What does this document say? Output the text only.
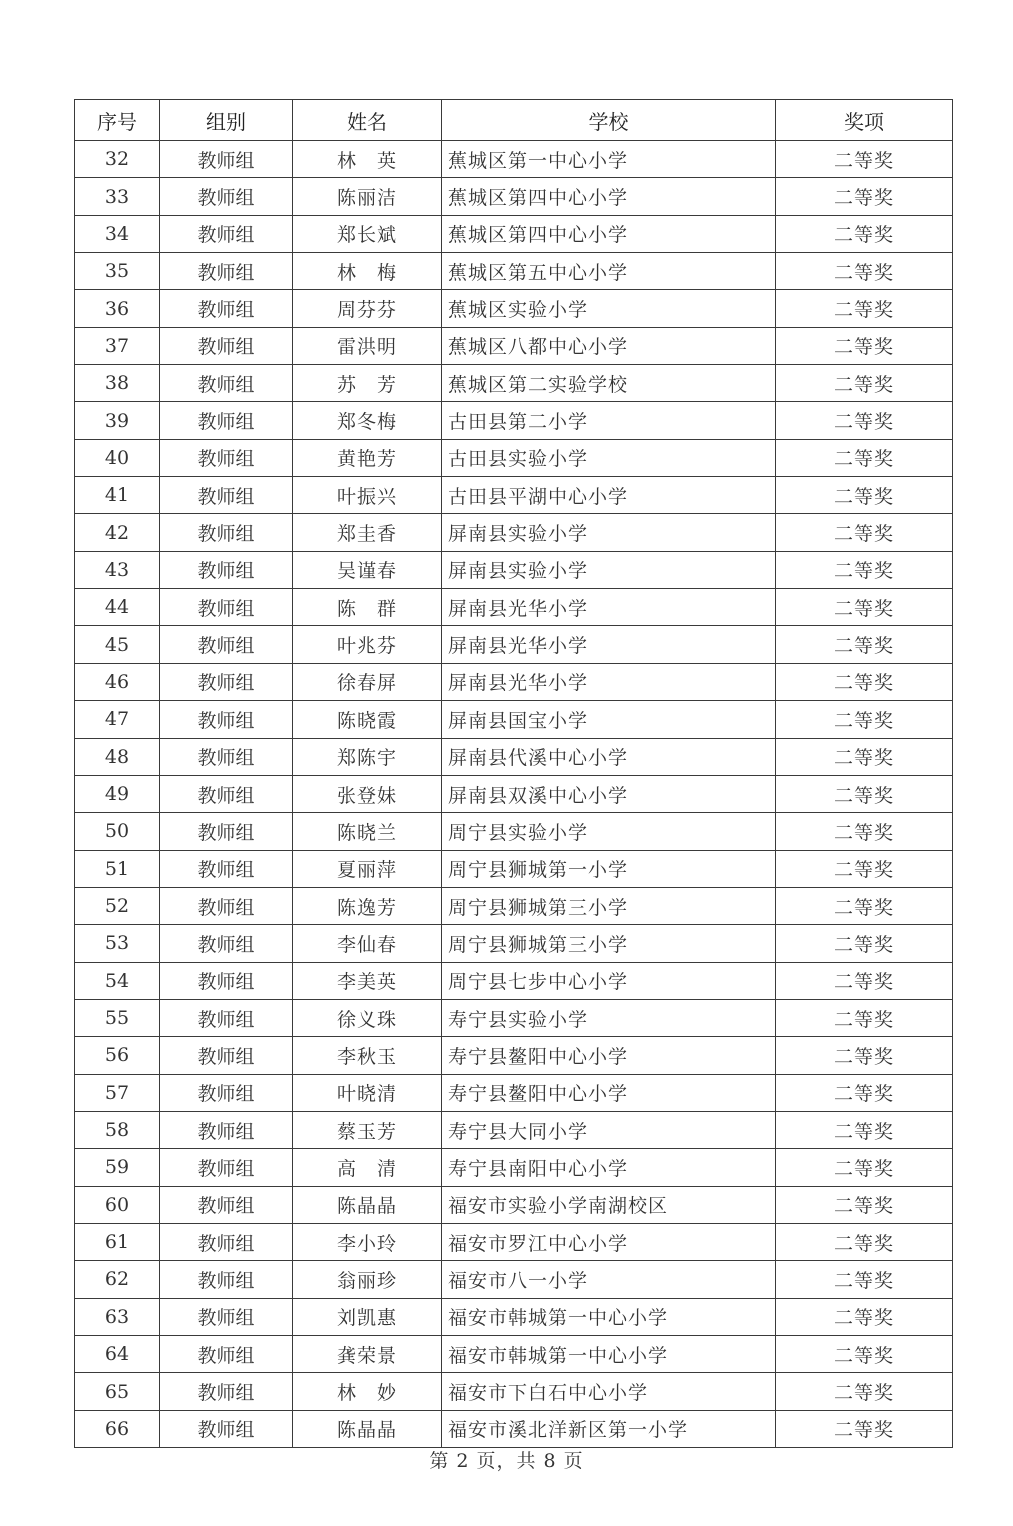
序号	组别	姓名	学校	奖项
32	教师组	林　英	蕉城区第一中心小学	二等奖
33	教师组	陈丽洁	蕉城区第四中心小学	二等奖
34	教师组	郑长斌	蕉城区第四中心小学	二等奖
35	教师组	林　梅	蕉城区第五中心小学	二等奖
36	教师组	周芬芬	蕉城区实验小学	二等奖
37	教师组	雷洪明	蕉城区八都中心小学	二等奖
38	教师组	苏　芳	蕉城区第二实验学校	二等奖
39	教师组	郑冬梅	古田县第二小学	二等奖
40	教师组	黄艳芳	古田县实验小学	二等奖
41	教师组	叶振兴	古田县平湖中心小学	二等奖
42	教师组	郑圭香	屏南县实验小学	二等奖
43	教师组	吴谨春	屏南县实验小学	二等奖
44	教师组	陈　群	屏南县光华小学	二等奖
45	教师组	叶兆芬	屏南县光华小学	二等奖
46	教师组	徐春屏	屏南县光华小学	二等奖
47	教师组	陈晓霞	屏南县国宝小学	二等奖
48	教师组	郑陈宇	屏南县代溪中心小学	二等奖
49	教师组	张登妹	屏南县双溪中心小学	二等奖
50	教师组	陈晓兰	周宁县实验小学	二等奖
51	教师组	夏丽萍	周宁县狮城第一小学	二等奖
52	教师组	陈逸芳	周宁县狮城第三小学	二等奖
53	教师组	李仙春	周宁县狮城第三小学	二等奖
54	教师组	李美英	周宁县七步中心小学	二等奖
55	教师组	徐义珠	寿宁县实验小学	二等奖
56	教师组	李秋玉	寿宁县鳌阳中心小学	二等奖
57	教师组	叶晓清	寿宁县鳌阳中心小学	二等奖
58	教师组	蔡玉芳	寿宁县大同小学	二等奖
59	教师组	高　清	寿宁县南阳中心小学	二等奖
60	教师组	陈晶晶	福安市实验小学南湖校区	二等奖
61	教师组	李小玲	福安市罗江中心小学	二等奖
62	教师组	翁丽珍	福安市八一小学	二等奖
63	教师组	刘凯惠	福安市韩城第一中心小学	二等奖
64	教师组	龚荣景	福安市韩城第一中心小学	二等奖
65	教师组	林　妙	福安市下白石中心小学	二等奖
66	教师组	陈晶晶	福安市溪北洋新区第一小学	二等奖
第 2 页，共 8 页
